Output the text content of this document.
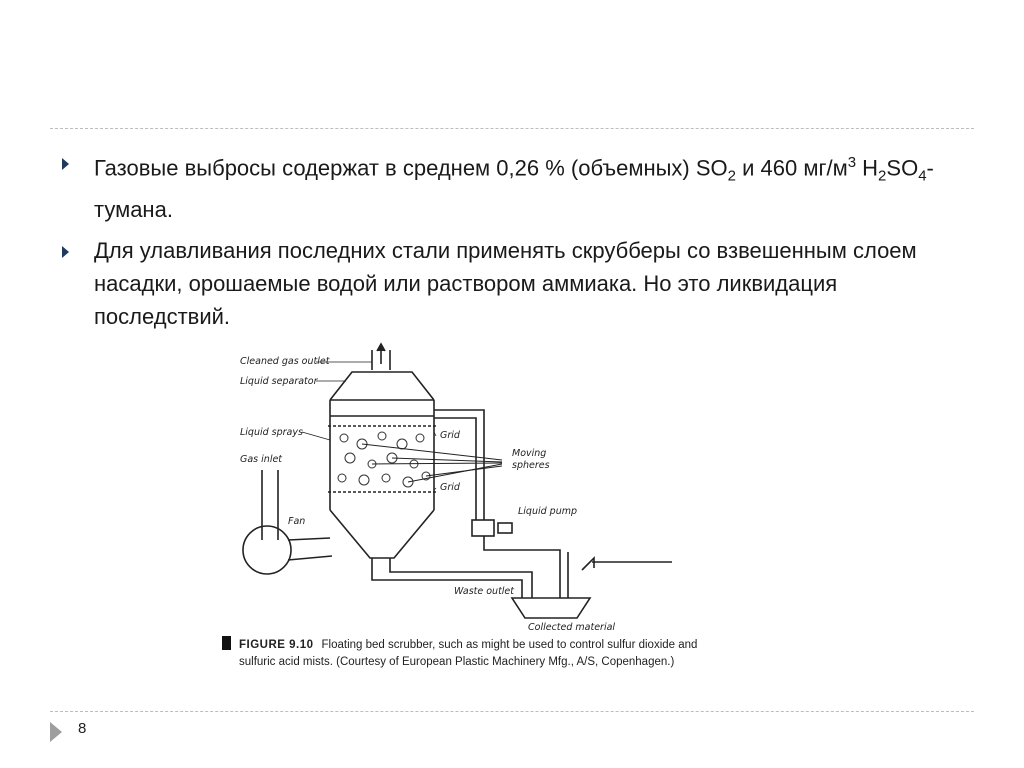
Газовые выбросы содержат в среднем 0,26 % (объемных) $SO_2$ и 460 $мг/м^3$ $H_2SO_4$-тумана.
Для улавливания последних стали применять скрубберы со взвешенным слоем насадки, орошаемые водой или раствором аммиака. Но это ликвидация последствий.
Cleaned gas outlet
Liquid separator
Liquid sprays
Gas inlet
Fan
Grid
Grid
Moving
spheres
Liquid pump
Waste outlet
Collected material
FIGURE 9.10 Floating bed scrubber, such as might be used to control sulfur dioxide and
sulfuric acid mists. (Courtesy of European Plastic Machinery Mfg., A/S, Copenhagen.)
8
